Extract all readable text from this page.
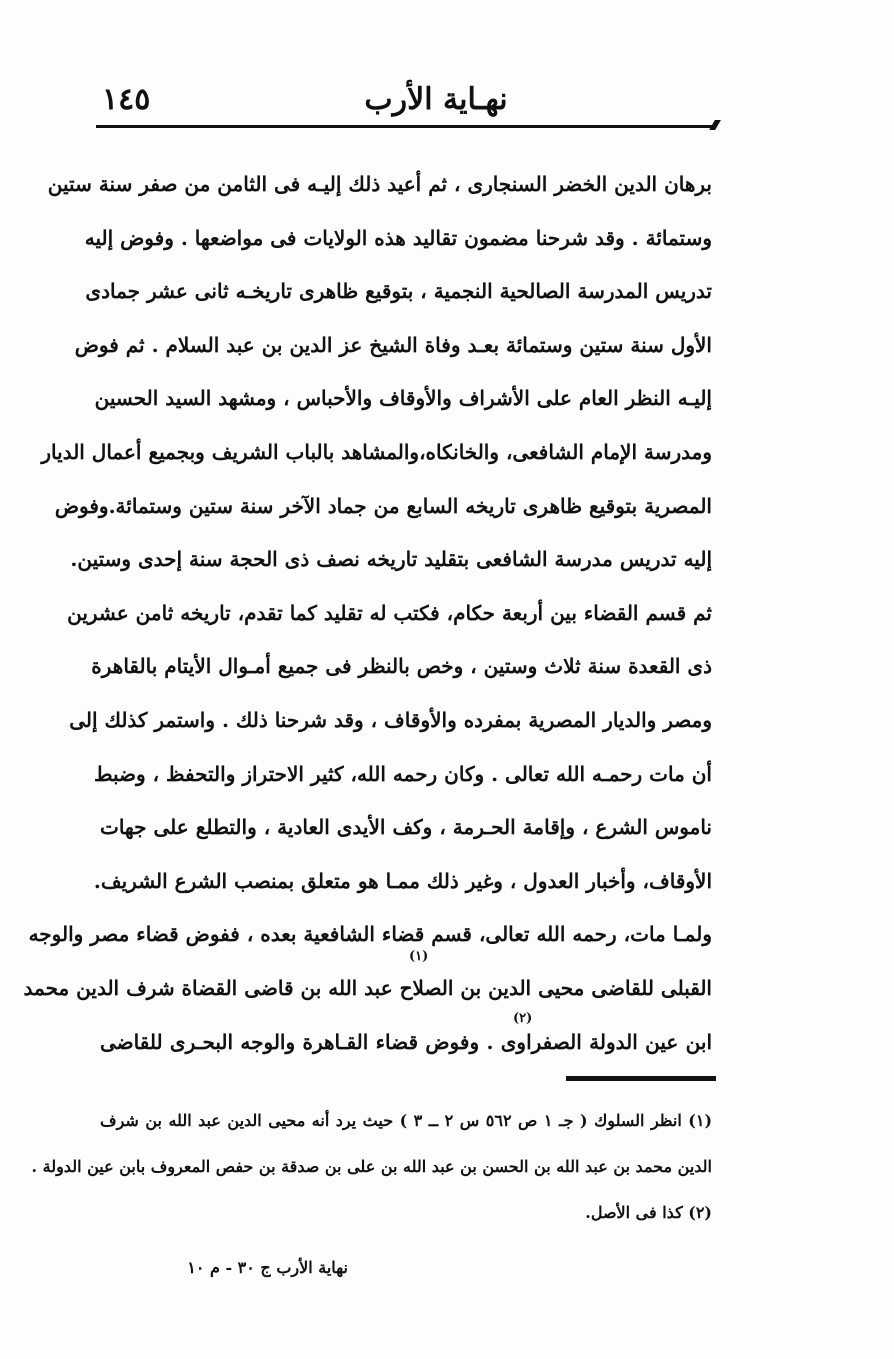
١٤٥	نهـاية الأرب
برهان الدين الخضر السنجارى ، ثم أعيد ذلك إليـه فى الثامن من صفر سنة ستين
وستمائة . وقد شرحنا مضمون تقاليد هذه الولايات فى مواضعها . وفوض إليه
تدريس المدرسة الصالحية النجمية ، بتوقيع ظاهرى تاريخـه ثانى عشر جمادى
الأول سنة ستين وستمائة بعـد وفاة الشيخ عز الدين بن عبد السلام . ثم فوض
إليـه النظر العام على الأشراف والأوقاف والأحباس ، ومشهد السيد الحسين
ومدرسة الإمام الشافعى، والخانكاه،والمشاهد بالباب الشريف وبجميع أعمال الديار
المصرية بتوقيع ظاهرى تاريخه السابع من جماد الآخر سنة ستين وستمائة.وفوض
إليه تدريس مدرسة الشافعى بتقليد تاريخه نصف ذى الحجة سنة إحدى وستين.
ثم قسم القضاء بين أربعة حكام، فكتب له تقليد كما تقدم، تاريخه ثامن عشرين
ذى القعدة سنة ثلاث وستين ، وخص بالنظر فى جميع أمـوال الأيتام بالقاهرة
ومصر والديار المصرية بمفرده والأوقاف ، وقد شرحنا ذلك . واستمر كذلك إلى
أن مات رحمـه الله تعالى . وكان رحمه الله، كثير الاحتراز والتحفظ ، وضبط
ناموس الشرع ، وإقامة الحـرمة ، وكف الأيدى العادية ، والتطلع على جهات
الأوقاف، وأخبار العدول ، وغير ذلك ممـا هو متعلق بمنصب الشرع الشريف.
ولمـا مات، رحمه الله تعالى، قسم قضاء الشافعية بعده ، ففوض قضاء مصر والوجه
القبلى للقاضى محيى الدين بن الصلاح عبد الله بن قاضى القضاة شرف الدين محمد
ابن عين الدولة الصفراوى . وفوض قضاء القـاهرة والوجه البحـرى للقاضى
(١)
(٢)
(١) انظر السلوك ( جـ ١ ص ٥٦٢ س ٢ ــ ٣ ) حيث يرد أنه محيى الدين عبد الله بن شرف
الدين محمد بن عبد الله بن الحسن بن عبد الله بن على بن صدقة بن حفص المعروف بابن عين الدولة .
(٢) كذا فى الأصل.
نهاية الأرب ج ٣٠ - م ١٠
